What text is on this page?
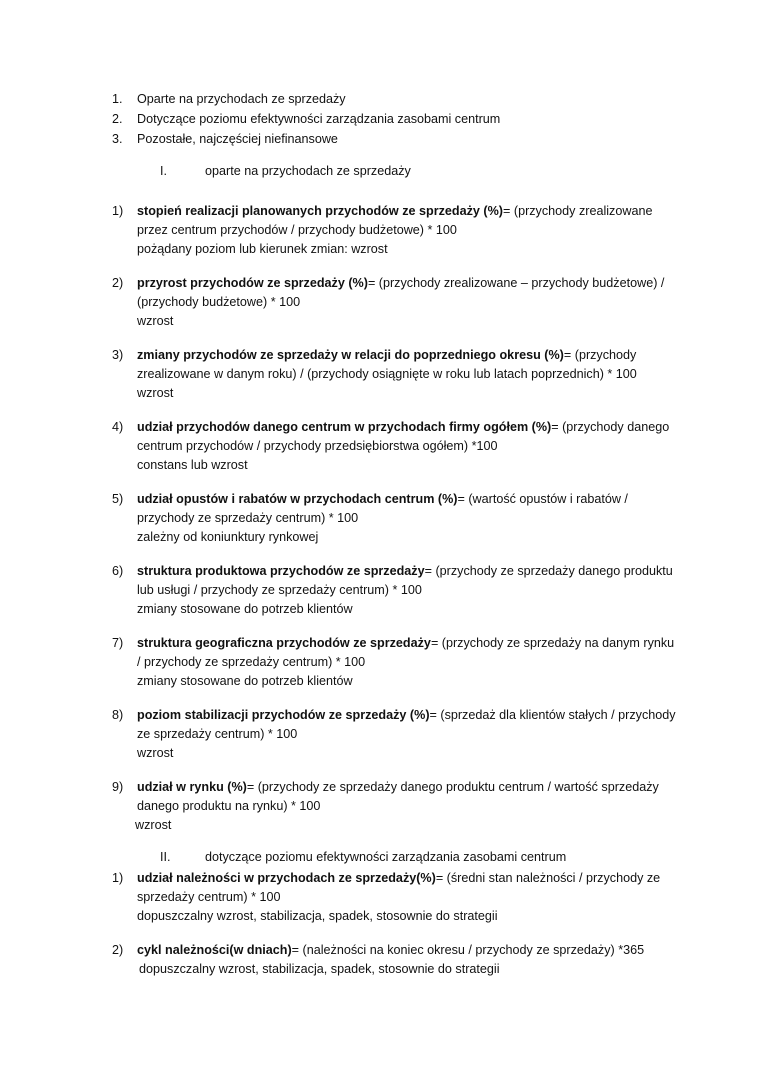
1. Oparte na przychodach ze sprzedaży
2. Dotyczące poziomu efektywności zarządzania zasobami centrum
3. Pozostałe, najczęściej niefinansowe
I.	oparte na przychodach ze sprzedaży
1) stopień realizacji planowanych przychodów ze sprzedaży (%)= (przychody zrealizowane
przez centrum przychodów / przychody budżetowe) * 100
pożądany poziom lub kierunek zmian: wzrost
2) przyrost przychodów ze sprzedaży (%)= (przychody zrealizowane – przychody budżetowe) /
(przychody budżetowe) * 100
wzrost
3) zmiany przychodów ze sprzedaży w relacji do poprzedniego okresu (%)= (przychody
zrealizowane w danym roku) / (przychody osiągnięte w roku lub latach poprzednich) * 100
wzrost
4) udział przychodów danego centrum w przychodach firmy ogółem (%)= (przychody danego
centrum przychodów / przychody przedsiębiorstwa ogółem) *100
constans lub wzrost
5) udział opustów i rabatów w przychodach centrum (%)= (wartość opustów i rabatów /
przychody ze sprzedaży centrum) * 100
zależny od koniunktury rynkowej
6) struktura produktowa przychodów ze sprzedaży= (przychody ze sprzedaży danego produktu
lub usługi / przychody ze sprzedaży centrum) * 100
zmiany stosowane do potrzeb klientów
7) struktura geograficzna przychodów ze sprzedaży= (przychody ze sprzedaży na danym rynku
/ przychody ze sprzedaży centrum) * 100
zmiany stosowane do potrzeb klientów
8) poziom stabilizacji przychodów ze sprzedaży (%)= (sprzedaż dla klientów stałych / przychody
ze sprzedaży centrum) * 100
wzrost
9) udział w rynku (%)= (przychody ze sprzedaży danego produktu centrum / wartość sprzedaży
danego produktu na rynku) * 100
wzrost
II.	dotyczące poziomu efektywności zarządzania zasobami centrum
1) udział należności w przychodach ze sprzedaży(%)= (średni stan należności / przychody ze
sprzedaży centrum) * 100
dopuszczalny wzrost, stabilizacja, spadek, stosownie do strategii
2) cykl należności(w dniach)= (należności na koniec okresu / przychody ze sprzedaży) *365
dopuszczalny wzrost, stabilizacja, spadek, stosownie do strategii
